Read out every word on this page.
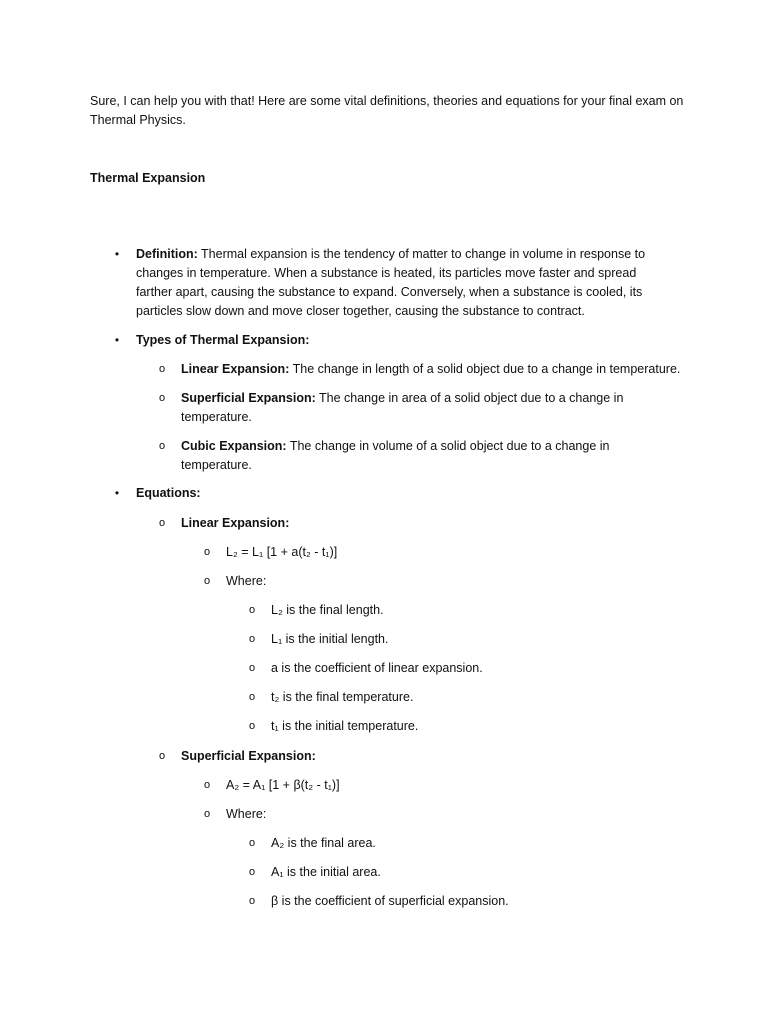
Sure, I can help you with that! Here are some vital definitions, theories and equations for your final exam on Thermal Physics.
Thermal Expansion
• Definition: Thermal expansion is the tendency of matter to change in volume in response to changes in temperature. When a substance is heated, its particles move faster and spread farther apart, causing the substance to expand. Conversely, when a substance is cooled, its particles slow down and move closer together, causing the substance to contract.
• Types of Thermal Expansion:
o Linear Expansion: The change in length of a solid object due to a change in temperature.
o Superficial Expansion: The change in area of a solid object due to a change in temperature.
o Cubic Expansion: The change in volume of a solid object due to a change in temperature.
• Equations:
o Linear Expansion:
o L₂ = L₁ [1 + a(t₂ - t₁)]
o Where:
o L₂ is the final length.
o L₁ is the initial length.
o a is the coefficient of linear expansion.
o t₂ is the final temperature.
o t₁ is the initial temperature.
o Superficial Expansion:
o A₂ = A₁ [1 + β(t₂ - t₁)]
o Where:
o A₂ is the final area.
o A₁ is the initial area.
o β is the coefficient of superficial expansion.
